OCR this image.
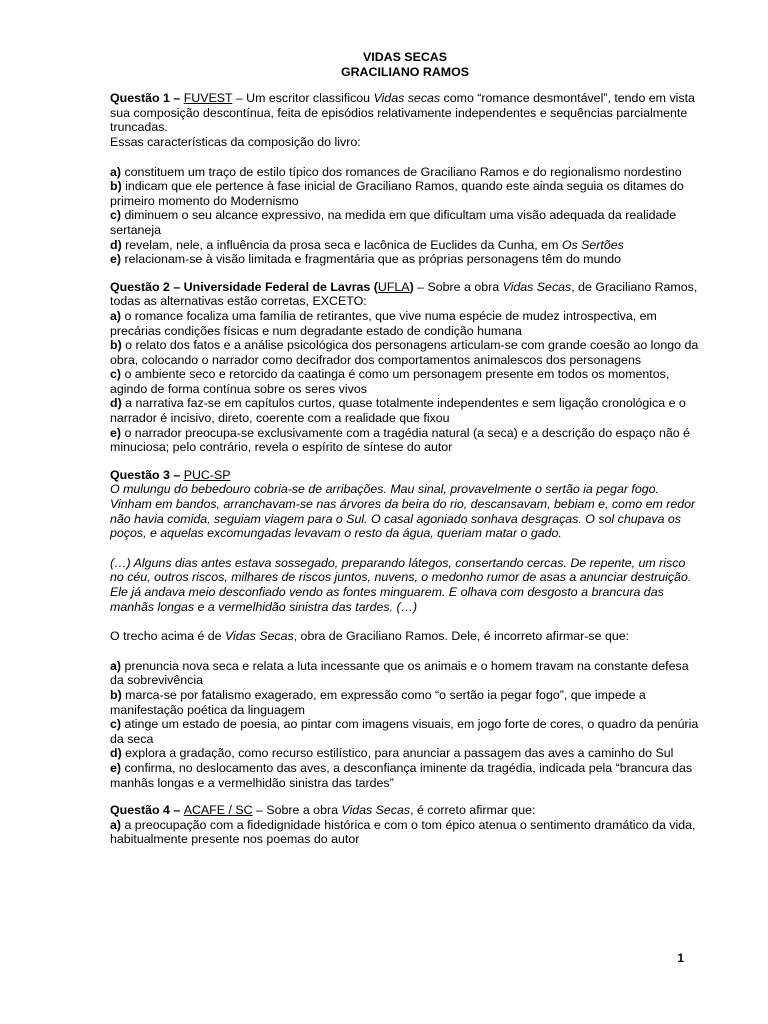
VIDAS SECAS
GRACILIANO RAMOS

Questão 1 – FUVEST – Um escritor classificou Vidas secas como “romance desmontável”, tendo em vista sua composição descontínua, feita de episódios relativamente independentes e sequências parcialmente truncadas.

Essas características da composição do livro:

a) constituem um traço de estilo típico dos romances de Graciliano Ramos e do regionalismo nordestino

b) indicam que ele pertence à fase inicial de Graciliano Ramos, quando este ainda seguia os ditames do primeiro momento do Modernismo

c) diminuem o seu alcance expressivo, na medida em que dificultam uma visão adequada da realidade sertaneja

d) revelam, nele, a influência da prosa seca e lacônica de Euclides da Cunha, em Os Sertões

e) relacionam-se à visão limitada e fragmentária que as próprias personagens têm do mundo

Questão 2 – Universidade Federal de Lavras (UFLA) – Sobre a obra Vidas Secas, de Graciliano Ramos, todas as alternativas estão corretas, EXCETO:

a) o romance focaliza uma família de retirantes, que vive numa espécie de mudez introspectiva, em precárias condições físicas e num degradante estado de condição humana

b) o relato dos fatos e a análise psicológica dos personagens articulam-se com grande coesão ao longo da obra, colocando o narrador como decifrador dos comportamentos animalescos dos personagens

c) o ambiente seco e retorcido da caatinga é como um personagem presente em todos os momentos, agindo de forma contínua sobre os seres vivos

d) a narrativa faz-se em capítulos curtos, quase totalmente independentes e sem ligação cronológica e o narrador é incisivo, direto, coerente com a realidade que fixou

e) o narrador preocupa-se exclusivamente com a tragédia natural (a seca) e a descrição do espaço não é minuciosa; pelo contrário, revela o espírito de síntese do autor

Questão 3 – PUC-SP

O mulungu do bebedouro cobria-se de arribações. Mau sinal, provavelmente o sertão ia pegar fogo. Vinham em bandos, arranchavam-se nas árvores da beira do rio, descansavam, bebiam e, como em redor não havia comida, seguiam viagem para o Sul. O casal agoniado sonhava desgraças. O sol chupava os poços, e aquelas excomungadas levavam o resto da água, queriam matar o gado.

(…) Alguns dias antes estava sossegado, preparando látegos, consertando cercas. De repente, um risco no céu, outros riscos, milhares de riscos juntos, nuvens, o medonho rumor de asas a anunciar destruição. Ele já andava meio desconfiado vendo as fontes minguarem. E olhava com desgosto a brancura das manhãs longas e a vermelhidão sinistra das tardes. (…)

O trecho acima é de Vidas Secas, obra de Graciliano Ramos. Dele, é incorreto afirmar-se que:

a) prenuncia nova seca e relata a luta incessante que os animais e o homem travam na constante defesa da sobrevivência

b) marca-se por fatalismo exagerado, em expressão como “o sertão ia pegar fogo”, que impede a manifestação poética da linguagem

c) atinge um estado de poesia, ao pintar com imagens visuais, em jogo forte de cores, o quadro da penúria da seca

d) explora a gradação, como recurso estilístico, para anunciar a passagem das aves a caminho do Sul

e) confirma, no deslocamento das aves, a desconfiança iminente da tragédia, indicada pela “brancura das manhãs longas e a vermelhidão sinistra das tardes”

Questão 4 – ACAFE / SC – Sobre a obra Vidas Secas, é correto afirmar que:

a) a preocupação com a fidedignidade histórica e com o tom épico atenua o sentimento dramático da vida, habitualmente presente nos poemas do autor

1
